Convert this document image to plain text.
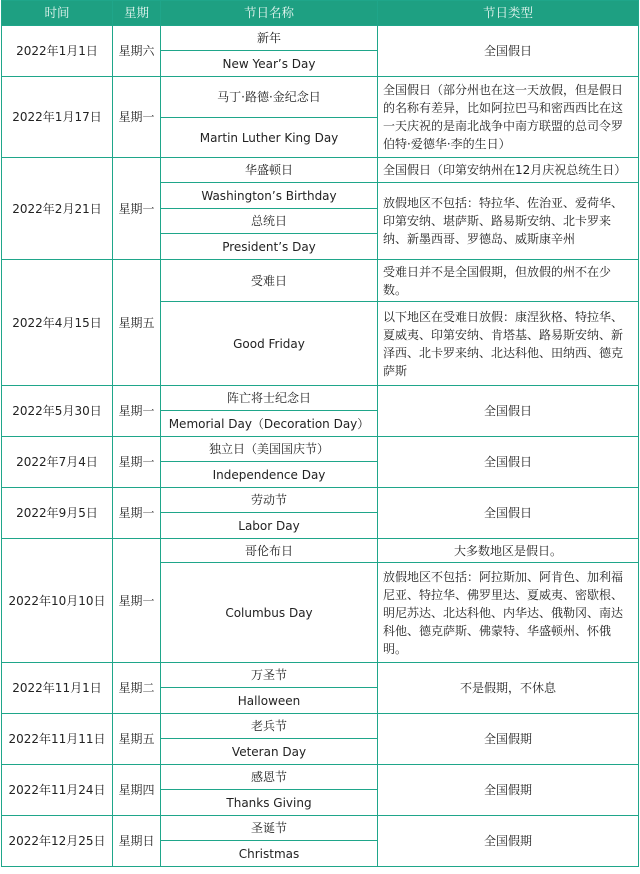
时间	星期	节日名称	节日类型
2022年1月1日	星期六	新年	全国假日
		New Year’s Day	
2022年1月17日	星期一	马丁·路德·金纪念日	全国假日（部分州也在这一天放假，但是假日的名称有差异，比如阿拉巴马和密西西比在这一天庆祝的是南北战争中南方联盟的总司令罗伯特·爱德华·李的生日）
		Martin Luther King Day	
2022年2月21日	星期一	华盛顿日	全国假日（印第安纳州在12月庆祝总统生日）
		Washington’s Birthday	放假地区不包括：特拉华、佐治亚、爱荷华、印第安纳、堪萨斯、路易斯安纳、北卡罗来纳、新墨西哥、罗德岛、威斯康辛州
		总统日	
		President’s Day	
2022年4月15日	星期五	受难日	受难日并不是全国假期，但放假的州不在少数。
		Good Friday	以下地区在受难日放假：康涅狄格、特拉华、夏威夷、印第安纳、肯塔基、路易斯安纳、新泽西、北卡罗来纳、北达科他、田纳西、德克萨斯
2022年5月30日	星期一	阵亡将士纪念日	全国假日
		Memorial Day（Decoration Day）	
2022年7月4日	星期一	独立日（美国国庆节）	全国假日
		Independence Day	
2022年9月5日	星期一	劳动节	全国假日
		Labor Day	
2022年10月10日	星期一	哥伦布日	大多数地区是假日。
		Columbus Day	放假地区不包括：阿拉斯加、阿肯色、加利福尼亚、特拉华、佛罗里达、夏威夷、密歇根、明尼苏达、北达科他、内华达、俄勒冈、南达科他、德克萨斯、佛蒙特、华盛顿州、怀俄明。
2022年11月1日	星期二	万圣节	不是假期，不休息
		Halloween	
2022年11月11日	星期五	老兵节	全国假期
		Veteran Day	
2022年11月24日	星期四	感恩节	全国假期
		Thanks Giving	
2022年12月25日	星期日	圣诞节	全国假期
		Christmas	
